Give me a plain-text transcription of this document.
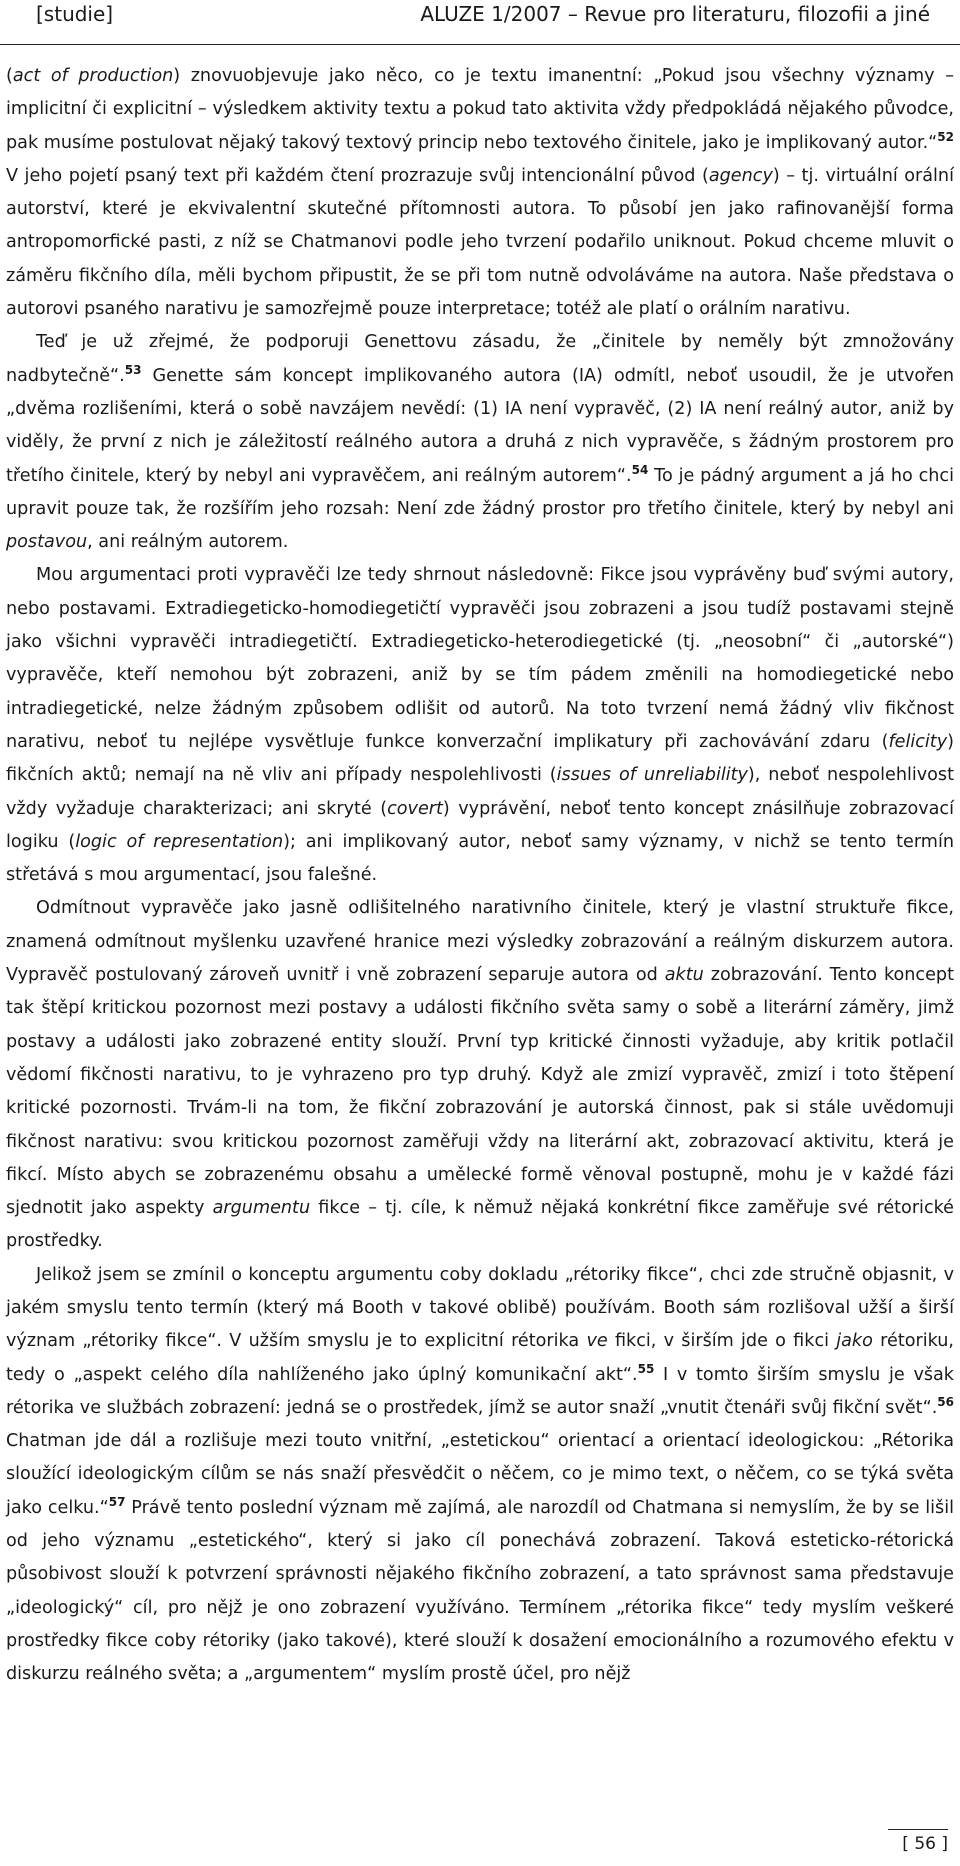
[studie]	ALUZE 1/2007 – Revue pro literaturu, filozofii a jiné

(act of production) znovuobjevuje jako něco, co je textu imanentní: „Pokud jsou všechny významy – implicitní či explicitní – výsledkem aktivity textu a pokud tato aktivita vždy předpokládá nějakého původce, pak musíme postulovat nějaký takový textový princip nebo textového činitele, jako je implikovaný autor.“$^{52}$ V jeho pojetí psaný text při každém čtení prozrazuje svůj intencionální původ (agency) – tj. virtuální orální autorství, které je ekvivalentní skutečné přítomnosti autora. To působí jen jako rafinovanější forma antropomorfické pasti, z níž se Chatmanovi podle jeho tvrzení podařilo uniknout. Pokud chceme mluvit o záměru fikčního díla, měli bychom připustit, že se při tom nutně odvoláváme na autora. Naše představa o autorovi psaného narativu je samozřejmě pouze interpretace; totéž ale platí o orálním narativu.

Teď je už zřejmé, že podporuji Genettovu zásadu, že „činitele by neměly být zmnožovány nadbytečně“.$^{53}$ Genette sám koncept implikovaného autora (IA) odmítl, neboť usoudil, že je utvořen „dvěma rozlišeními, která o sobě navzájem nevědí: (1) IA není vypravěč, (2) IA není reálný autor, aniž by viděly, že první z nich je záležitostí reálného autora a druhá z nich vypravěče, s žádným prostorem pro třetího činitele, který by nebyl ani vypravěčem, ani reálným autorem“.$^{54}$ To je pádný argument a já ho chci upravit pouze tak, že rozšířím jeho rozsah: Není zde žádný prostor pro třetího činitele, který by nebyl ani postavou, ani reálným autorem.

Mou argumentaci proti vypravěči lze tedy shrnout následovně: Fikce jsou vyprávěny buď svými autory, nebo postavami. Extradiegeticko-homodiegetičtí vypravěči jsou zobrazeni a jsou tudíž postavami stejně jako všichni vypravěči intradiegetičtí. Extradiegeticko-heterodiegetické (tj. „neosobní“ či „autorské“) vypravěče, kteří nemohou být zobrazeni, aniž by se tím pádem změnili na homodiegetické nebo intradiegetické, nelze žádným způsobem odlišit od autorů. Na toto tvrzení nemá žádný vliv fikčnost narativu, neboť tu nejlépe vysvětluje funkce konverzační implikatury při zachovávání zdaru (felicity) fikčních aktů; nemají na ně vliv ani případy nespolehlivosti (issues of unreliability), neboť nespolehlivost vždy vyžaduje charakterizaci; ani skryté (covert) vyprávění, neboť tento koncept znásilňuje zobrazovací logiku (logic of representation); ani implikovaný autor, neboť samy významy, v nichž se tento termín střetává s mou argumentací, jsou falešné.

Odmítnout vypravěče jako jasně odlišitelného narativního činitele, který je vlastní struktuře fikce, znamená odmítnout myšlenku uzavřené hranice mezi výsledky zobrazování a reálným diskurzem autora. Vypravěč postulovaný zároveň uvnitř i vně zobrazení separuje autora od aktu zobrazování. Tento koncept tak štěpí kritickou pozornost mezi postavy a události fikčního světa samy o sobě a literární záměry, jimž postavy a události jako zobrazené entity slouží. První typ kritické činnosti vyžaduje, aby kritik potlačil vědomí fikčnosti narativu, to je vyhrazeno pro typ druhý. Když ale zmizí vypravěč, zmizí i toto štěpení kritické pozornosti. Trvám-li na tom, že fikční zobrazování je autorská činnost, pak si stále uvědomuji fikčnost narativu: svou kritickou pozornost zaměřuji vždy na literární akt, zobrazovací aktivitu, která je fikcí. Místo abych se zobrazenému obsahu a umělecké formě věnoval postupně, mohu je v každé fázi sjednotit jako aspekty argumentu fikce – tj. cíle, k němuž nějaká konkrétní fikce zaměřuje své rétorické prostředky.

Jelikož jsem se zmínil o konceptu argumentu coby dokladu „rétoriky fikce“, chci zde stručně objasnit, v jakém smyslu tento termín (který má Booth v takové oblibě) používám. Booth sám rozlišoval užší a širší význam „rétoriky fikce“. V užším smyslu je to explicitní rétorika ve fikci, v širším jde o fikci jako rétoriku, tedy o „aspekt celého díla nahlíženého jako úplný komunikační akt“.$^{55}$ I v tomto širším smyslu je však rétorika ve službách zobrazení: jedná se o prostředek, jímž se autor snaží „vnutit čtenáři svůj fikční svět“.$^{56}$ Chatman jde dál a rozlišuje mezi touto vnitřní, „estetickou“ orientací a orientací ideologickou: „Rétorika sloužící ideologickým cílům se nás snaží přesvědčit o něčem, co je mimo text, o něčem, co se týká světa jako celku.“$^{57}$ Právě tento poslední význam mě zajímá, ale narozdíl od Chatmana si nemyslím, že by se lišil od jeho významu „estetického“, který si jako cíl ponechává zobrazení. Taková esteticko-rétorická působivost slouží k potvrzení správnosti nějakého fikčního zobrazení, a tato správnost sama představuje „ideologický“ cíl, pro nějž je ono zobrazení využíváno. Termínem „rétorika fikce“ tedy myslím veškeré prostředky fikce coby rétoriky (jako takové), které slouží k dosažení emocionálního a rozumového efektu v diskurzu reálného světa; a „argumentem“ myslím prostě účel, pro nějž

[ 56 ]
